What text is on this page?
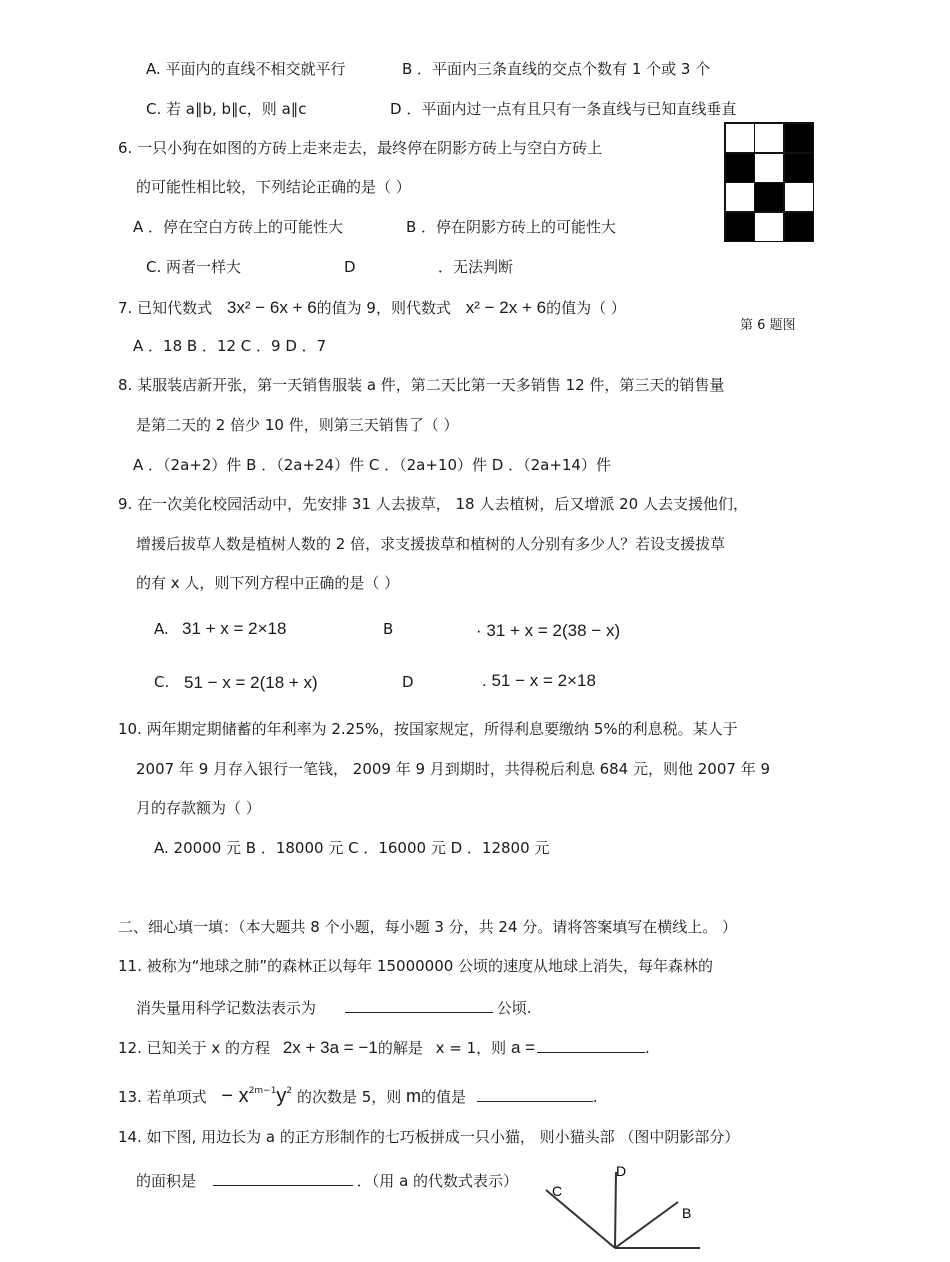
A. 平面内的直线不相交就平行	B ．平面内三条直线的交点个数有 1 个或 3 个
C. 若 a∥b, b∥c，则 a∥c	D ．平面内过一点有且只有一条直线与已知直线垂直
6. 一只小狗在如图的方砖上走来走去，最终停在阴影方砖上与空白方砖上
的可能性相比较，下列结论正确的是（ ）
A ．停在空白方砖上的可能性大	B ．停在阴影方砖上的可能性大
C. 两者一样大	D	．无法判断
第 6 题图
7. 已知代数式 3x² − 6x + 6的值为 9，则代数式 x² − 2x + 6的值为（ ）
A ．18 B ．12 C ．9 D ．7
8. 某服装店新开张，第一天销售服装 a 件，第二天比第一天多销售 12 件，第三天的销售量
是第二天的 2 倍少 10 件，则第三天销售了（ ）
A ．（2a+2）件 B ．（2a+24）件 C ．（2a+10）件 D ．（2a+14）件
9. 在一次美化校园活动中，先安排 31 人去拔草， 18 人去植树，后又增派 20 人去支援他们，
增援后拔草人数是植树人数的 2 倍，求支援拔草和植树的人分别有多少人？若设支援拔草
的有 x 人，则下列方程中正确的是（ ）
A. 31 + x = 2×18	B	· 31 + x = 2(38 − x)
C. 51 − x = 2(18 + x)	D	. 51 − x = 2×18
10. 两年期定期储蓄的年利率为 2.25%，按国家规定，所得利息要缴纳 5%的利息税。某人于
2007 年 9 月存入银行一笔钱， 2009 年 9 月到期时，共得税后利息 684 元，则他 2007 年 9
月的存款额为（ ）
A. 20000 元 B ．18000 元 C ．16000 元 D ．12800 元
二、细心填一填：（本大题共 8 个小题，每小题 3 分，共 24 分。请将答案填写在横线上。 ）
11. 被称为“地球之肺”的森林正以每年 15000000 公顷的速度从地球上消失，每年森林的
消失量用科学记数法表示为	公顷.
12. 已知关于 x 的方程 2x + 3a = −1的解是 x = 1，则 a =	.
13. 若单项式 − $x^{2m-1}y^2$ 的次数是 5，则 m的值是	.
14. 如下图, 用边长为 a 的正方形制作的七巧板拼成一只小猫， 则小猫头部 （图中阴影部分）
的面积是	．（用 a 的代数式表示）
C
D
B
